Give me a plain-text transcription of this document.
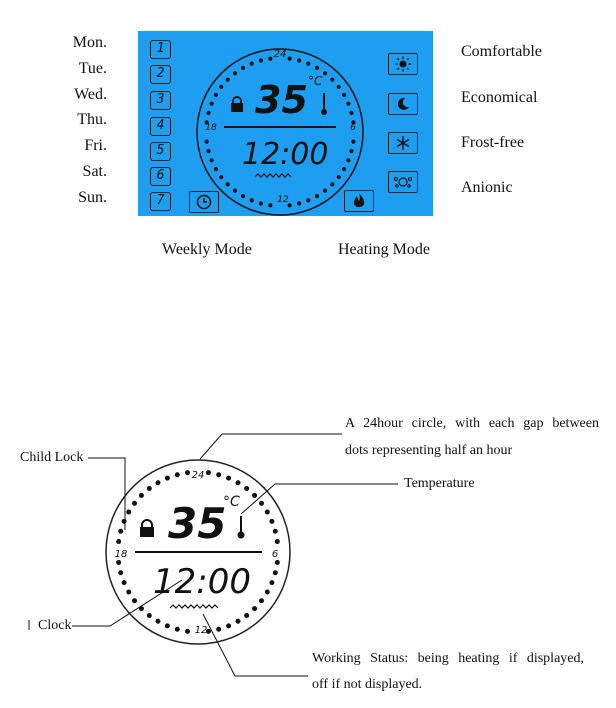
Mon.
Tue.
Wed.
Thu.
Fri.
Sat.
Sun.
Comfortable
Economical
Frost-free
Anionic
1
2
3
4
5
6
7
24
6
12
18
35 °C
12:00
Weekly Mode	Heating Mode
24
6
12
18
35
°C
12:00
A 24hour circle, with each gap between
dots representing half an hour
Temperature
Child Lock
Clock
Working Status: being heating if displayed,
off if not displayed.
